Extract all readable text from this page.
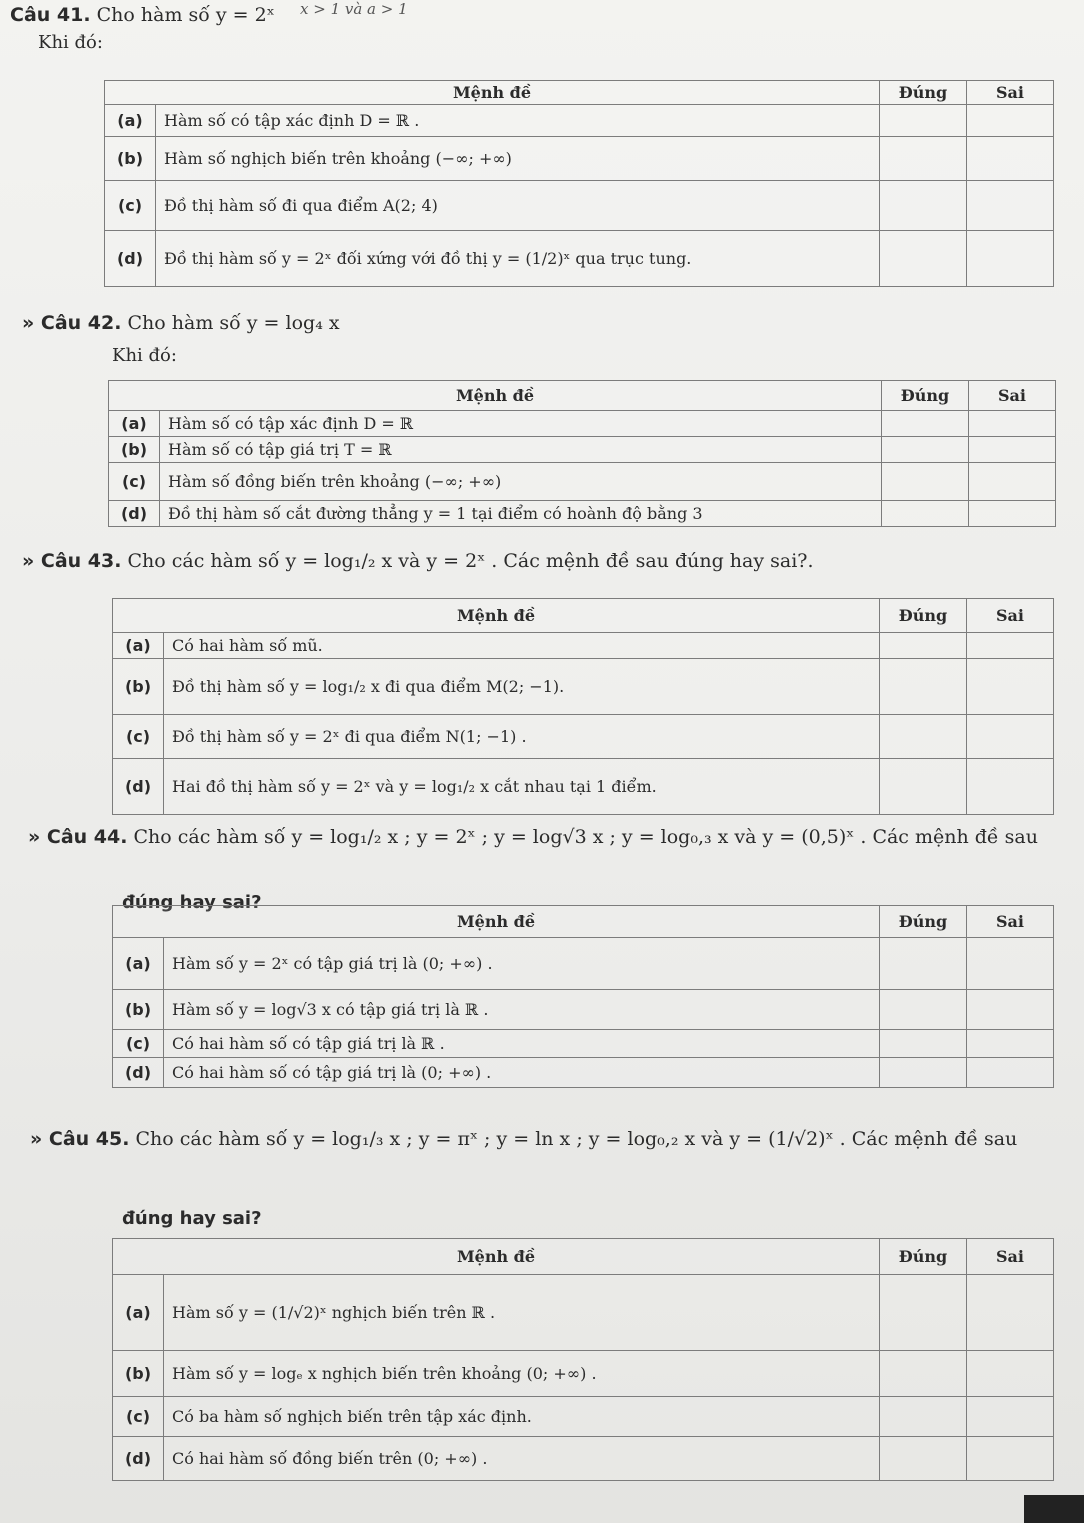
x > 1 và a > 1
Câu 41. Cho hàm số y = 2ˣ
Khi đó:
Mệnh đề		Đúng	Sai
(a)	Hàm số có tập xác định D = ℝ .		
(b)	Hàm số nghịch biến trên khoảng (−∞; +∞)		
(c)	Đồ thị hàm số đi qua điểm A(2; 4)		
(d)	Đồ thị hàm số y = 2ˣ đối xứng với đồ thị y = (1/2)ˣ qua trục tung.		
» Câu 42. Cho hàm số y = log₄ x
Khi đó:
Mệnh đề		Đúng	Sai
(a)	Hàm số có tập xác định D = ℝ		
(b)	Hàm số có tập giá trị T = ℝ		
(c)	Hàm số đồng biến trên khoảng (−∞; +∞)		
(d)	Đồ thị hàm số cắt đường thẳng y = 1 tại điểm có hoành độ bằng 3		
» Câu 43. Cho các hàm số y = log₁/₂ x và y = 2ˣ . Các mệnh đề sau đúng hay sai?.
Mệnh đề		Đúng	Sai
(a)	Có hai hàm số mũ.		
(b)	Đồ thị hàm số y = log₁/₂ x đi qua điểm M(2; −1).		
(c)	Đồ thị hàm số y = 2ˣ đi qua điểm N(1; −1) .		
(d)	Hai đồ thị hàm số y = 2ˣ và y = log₁/₂ x cắt nhau tại 1 điểm.		
» Câu 44. Cho các hàm số y = log₁/₂ x ; y = 2ˣ ; y = log√3 x ; y = log₀,₃ x và y = (0,5)ˣ . Các mệnh đề sau
đúng hay sai?
Mệnh đề		Đúng	Sai
(a)	Hàm số y = 2ˣ có tập giá trị là (0; +∞) .		
(b)	Hàm số y = log√3 x có tập giá trị là ℝ .		
(c)	Có hai hàm số có tập giá trị là ℝ .		
(d)	Có hai hàm số có tập giá trị là (0; +∞) .		
» Câu 45. Cho các hàm số y = log₁/₃ x ; y = πˣ ; y = ln x ; y = log₀,₂ x và y = (1/√2)ˣ . Các mệnh đề sau
đúng hay sai?
Mệnh đề		Đúng	Sai
(a)	Hàm số y = (1/√2)ˣ nghịch biến trên ℝ .		
(b)	Hàm số y = logₑ x nghịch biến trên khoảng (0; +∞) .		
(c)	Có ba hàm số nghịch biến trên tập xác định.		
(d)	Có hai hàm số đồng biến trên (0; +∞) .		
